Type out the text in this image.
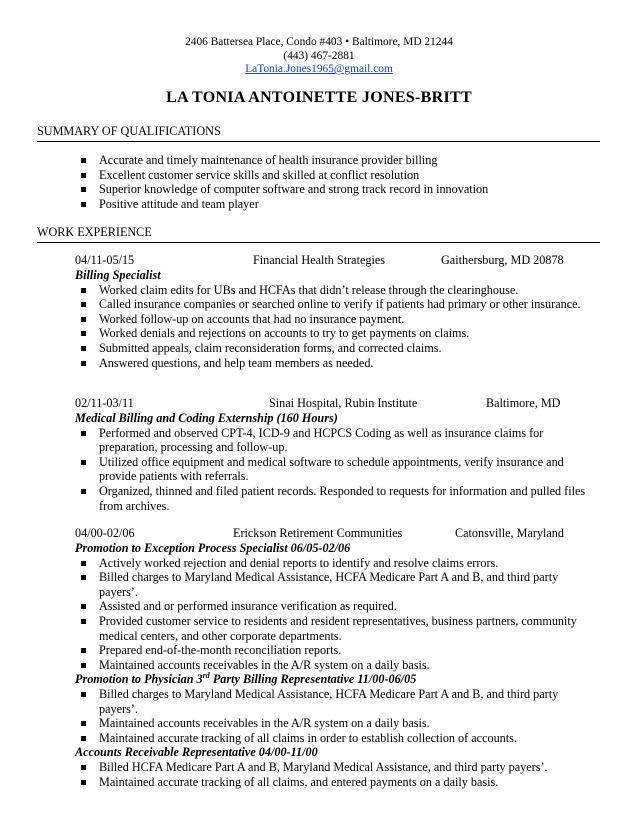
2406 Battersea Place, Condo #403 • Baltimore, MD 21244
(443) 467-2881
LaTonia.Jones1965@gmail.com
LA TONIA ANTOINETTE JONES-BRITT
SUMMARY OF QUALIFICATIONS
Accurate and timely maintenance of health insurance provider billing
Excellent customer service skills and skilled at conflict resolution
Superior knowledge of computer software and strong track record in innovation
Positive attitude and team player
WORK EXPERIENCE
04/11-05/15	Financial Health Strategies	Gaithersburg, MD 20878
Billing Specialist
Worked claim edits for UBs and HCFAs that didn’t release through the clearinghouse.
Called insurance companies or searched online to verify if patients had primary or other insurance.
Worked follow-up on accounts that had no insurance payment.
Worked denials and rejections on accounts to try to get payments on claims.
Submitted appeals, claim reconsideration forms, and corrected claims.
Answered questions, and help team members as needed.
02/11-03/11	Sinai Hospital, Rubin Institute	Baltimore, MD
Medical Billing and Coding Externship (160 Hours)
Performed and observed CPT-4, ICD-9 and HCPCS Coding as well as insurance claims for preparation, processing and follow-up.
Utilized office equipment and medical software to schedule appointments, verify insurance and provide patients with referrals.
Organized, thinned and filed patient records. Responded to requests for information and pulled files from archives.
04/00-02/06	Erickson Retirement Communities	Catonsville, Maryland
Promotion to Exception Process Specialist 06/05-02/06
Actively worked rejection and denial reports to identify and resolve claims errors.
Billed charges to Maryland Medical Assistance, HCFA Medicare Part A and B, and third party payers’.
Assisted and or performed insurance verification as required.
Provided customer service to residents and resident representatives, business partners, community medical centers, and other corporate departments.
Prepared end-of-the-month reconciliation reports.
Maintained accounts receivables in the A/R system on a daily basis.
Promotion to Physician 3rd Party Billing Representative 11/00-06/05
Billed charges to Maryland Medical Assistance, HCFA Medicare Part A and B, and third party payers’.
Maintained accounts receivables in the A/R system on a daily basis.
Maintained accurate tracking of all claims in order to establish collection of accounts.
Accounts Receivable Representative 04/00-11/00
Billed HCFA Medicare Part A and B, Maryland Medical Assistance, and third party payers’.
Maintained accurate tracking of all claims, and entered payments on a daily basis.
